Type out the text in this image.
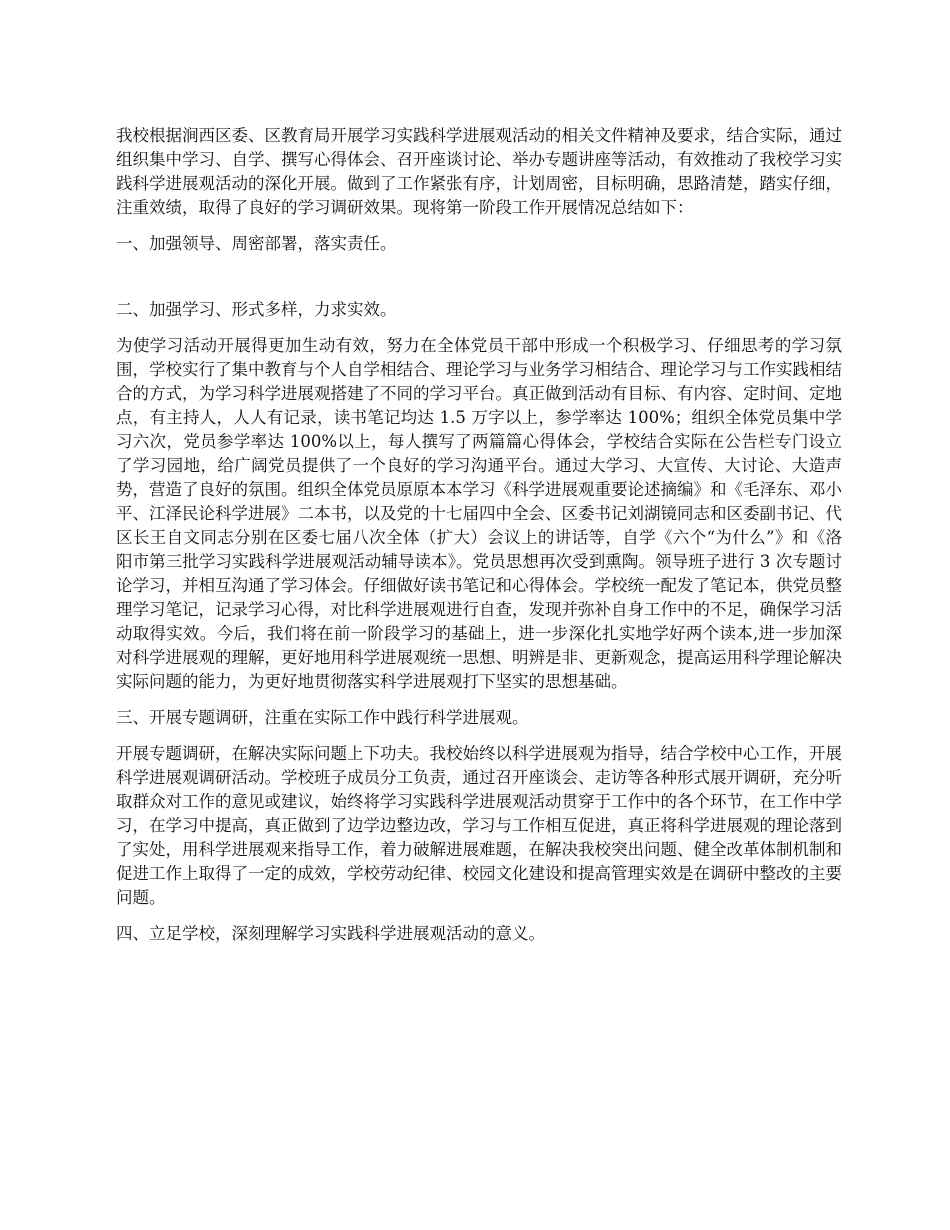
我校根据涧西区委、区教育局开展学习实践科学进展观活动的相关文件精神及要求，结合实际，通过组织集中学习、自学、撰写心得体会、召开座谈讨论、举办专题讲座等活动，有效推动了我校学习实践科学进展观活动的深化开展。做到了工作紧张有序，计划周密，目标明确，思路清楚，踏实仔细，注重效绩，取得了良好的学习调研效果。现将第一阶段工作开展情况总结如下：

一、加强领导、周密部署，落实责任。

二、加强学习、形式多样，力求实效。

为使学习活动开展得更加生动有效，努力在全体党员干部中形成一个积极学习、仔细思考的学习氛围，学校实行了集中教育与个人自学相结合、理论学习与业务学习相结合、理论学习与工作实践相结合的方式，为学习科学进展观搭建了不同的学习平台。真正做到活动有目标、有内容、定时间、定地点，有主持人，人人有记录，读书笔记均达 1.5 万字以上，参学率达 100%；组织全体党员集中学习六次，党员参学率达 100%以上，每人撰写了两篇篇心得体会，学校结合实际在公告栏专门设立了学习园地，给广阔党员提供了一个良好的学习沟通平台。通过大学习、大宣传、大讨论、大造声势，营造了良好的氛围。组织全体党员原原本本学习《科学进展观重要论述摘编》和《毛泽东、邓小平、江泽民论科学进展》二本书，以及党的十七届四中全会、区委书记刘湖镜同志和区委副书记、代区长王自文同志分别在区委七届八次全体（扩大）会议上的讲话等，自学《六个“为什么”》和《洛阳市第三批学习实践科学进展观活动辅导读本》。党员思想再次受到熏陶。领导班子进行 3 次专题讨论学习，并相互沟通了学习体会。仔细做好读书笔记和心得体会。学校统一配发了笔记本，供党员整理学习笔记，记录学习心得，对比科学进展观进行自查，发现并弥补自身工作中的不足，确保学习活动取得实效。今后，我们将在前一阶段学习的基础上，进一步深化扎实地学好两个读本,进一步加深对科学进展观的理解，更好地用科学进展观统一思想、明辨是非、更新观念，提高运用科学理论解决实际问题的能力，为更好地贯彻落实科学进展观打下坚实的思想基础。

三、开展专题调研，注重在实际工作中践行科学进展观。

开展专题调研，在解决实际问题上下功夫。我校始终以科学进展观为指导，结合学校中心工作，开展科学进展观调研活动。学校班子成员分工负责，通过召开座谈会、走访等各种形式展开调研，充分听取群众对工作的意见或建议，始终将学习实践科学进展观活动贯穿于工作中的各个环节，在工作中学习，在学习中提高，真正做到了边学边整边改，学习与工作相互促进，真正将科学进展观的理论落到了实处，用科学进展观来指导工作，着力破解进展难题，在解决我校突出问题、健全改革体制机制和促进工作上取得了一定的成效，学校劳动纪律、校园文化建设和提高管理实效是在调研中整改的主要问题。

四、立足学校，深刻理解学习实践科学进展观活动的意义。
